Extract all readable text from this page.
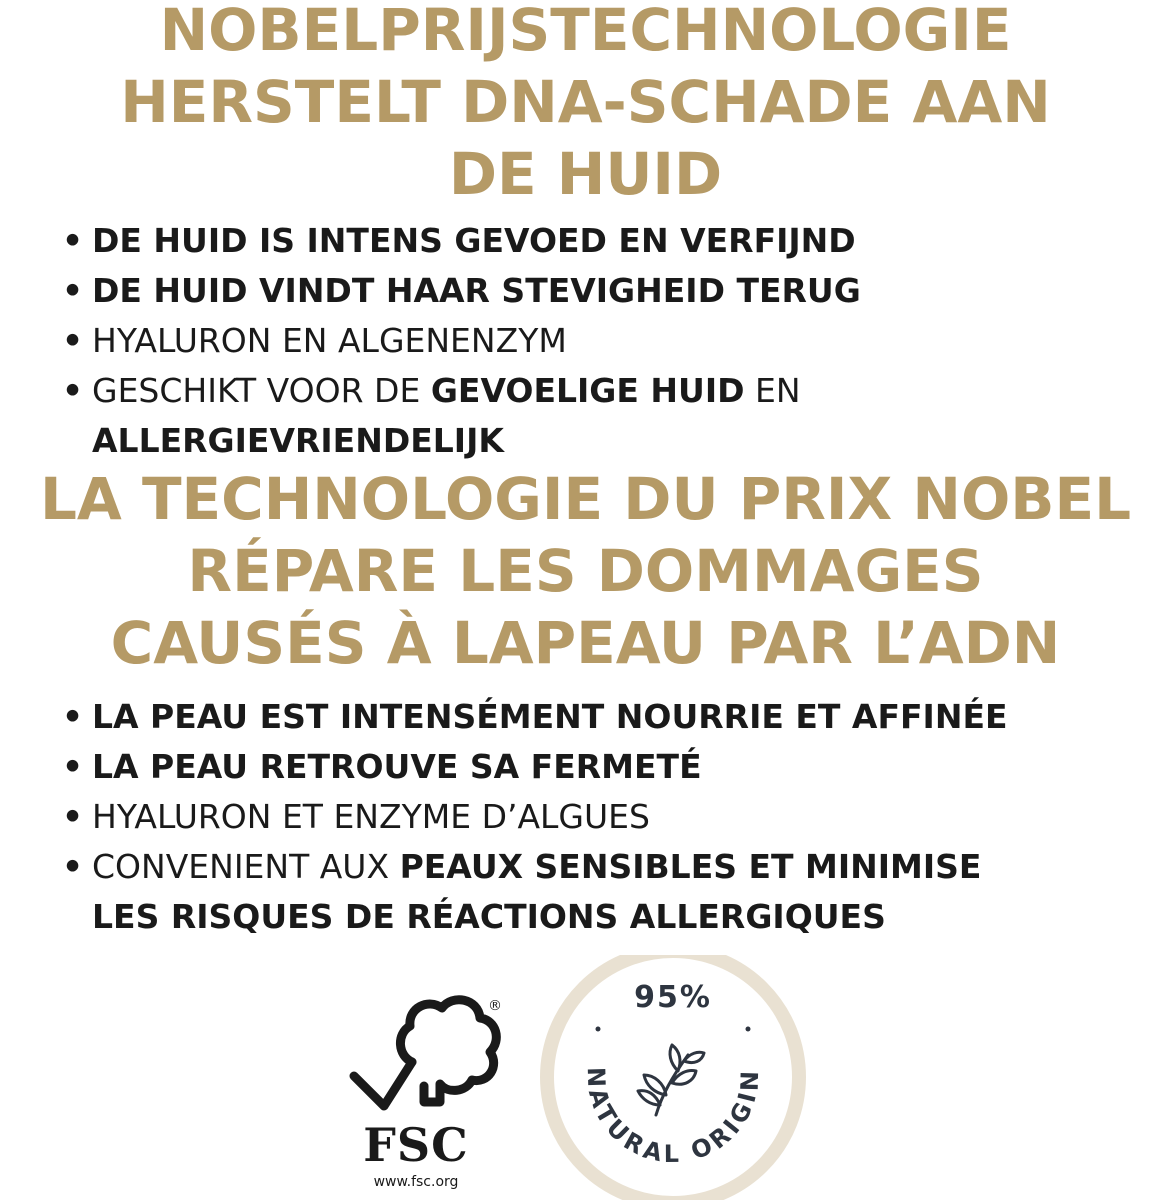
NOBELPRIJSTECHNOLOGIE
HERSTELT DNA-SCHADE AAN
DE HUID
• DE HUID IS INTENS GEVOED EN VERFIJND
• DE HUID VINDT HAAR STEVIGHEID TERUG
• HYALURON EN ALGENENZYM
• GESCHIKT VOOR DE GEVOELIGE HUID EN
ALLERGIEVRIENDELIJK
LA TECHNOLOGIE DU PRIX NOBEL
RÉPARE LES DOMMAGES
CAUSÉS À LAPEAU PAR L’ADN
• LA PEAU EST INTENSÉMENT NOURRIE ET AFFINÉE
• LA PEAU RETROUVE SA FERMETÉ
• HYALURON ET ENZYME D’ALGUES
• CONVENIENT AUX PEAUX SENSIBLES ET MINIMISE
LES RISQUES DE RÉACTIONS ALLERGIQUES
®
FSC
www.fsc.org
95%
NATURAL ORIGIN
